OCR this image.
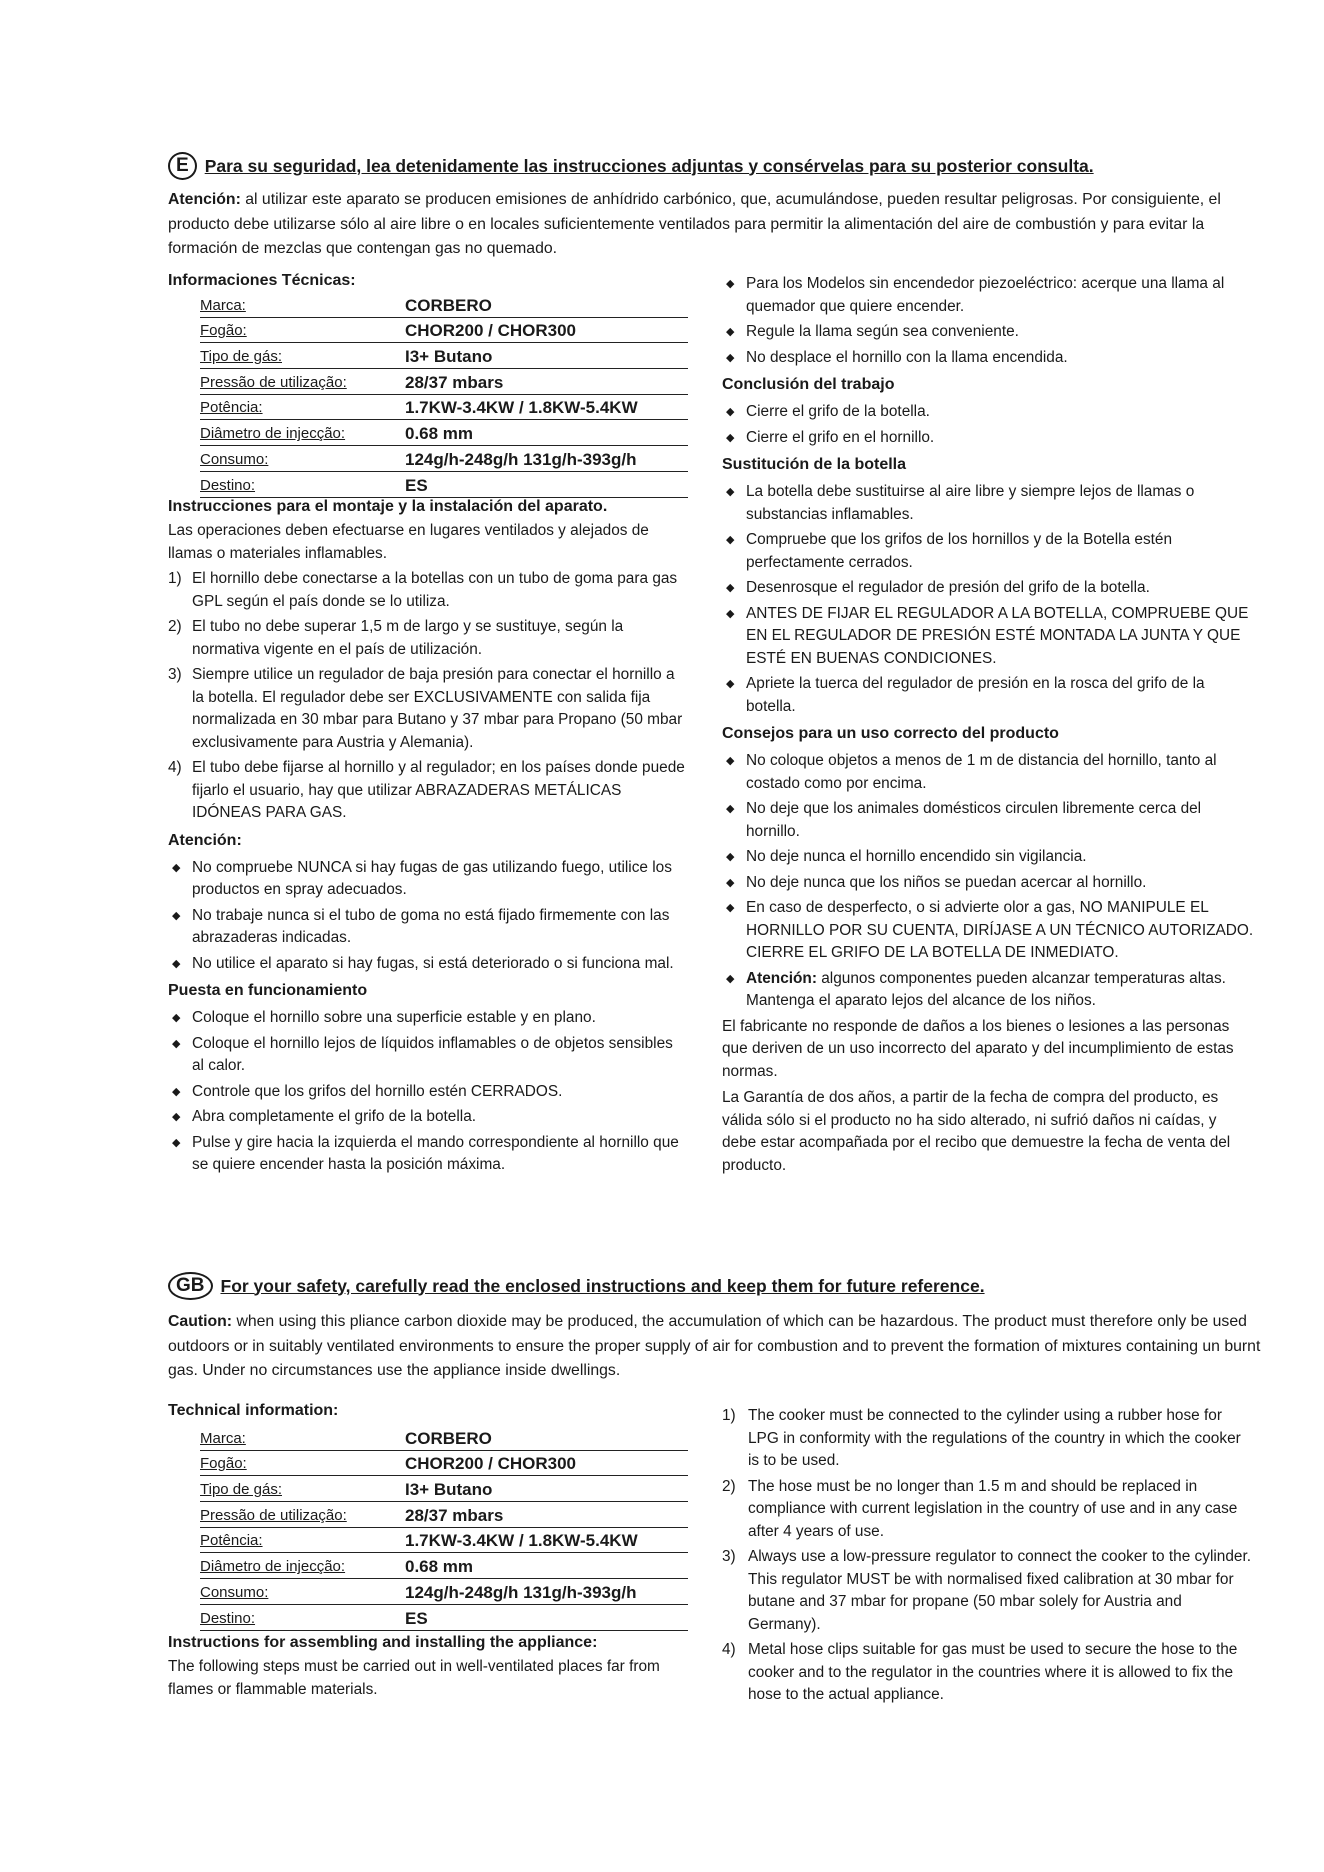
E Para su seguridad, lea detenidamente las instrucciones adjuntas y consérvelas para su posterior consulta.
Atención: al utilizar este aparato se producen emisiones de anhídrido carbónico, que, acumulándose, pueden resultar peligrosas. Por consiguiente, el producto debe utilizarse sólo al aire libre o en locales suficientemente ventilados para permitir la alimentación del aire de combustión y para evitar la formación de mezclas que contengan gas no quemado.
Informaciones Técnicas:
Marca:	CORBERO
Fogão:	CHOR200 / CHOR300
Tipo de gás:	I3+ Butano
Pressão de utilização:	28/37 mbars
Potência:	1.7KW-3.4KW / 1.8KW-5.4KW
Diâmetro de injecção:	0.68 mm
Consumo:	124g/h-248g/h 131g/h-393g/h
Destino:	ES
Instrucciones para el montaje y la instalación del aparato.

Las operaciones deben efectuarse en lugares ventilados y alejados de llamas o materiales inflamables.

1) El hornillo debe conectarse a la botellas con un tubo de goma para gas GPL según el país donde se lo utiliza.
2) El tubo no debe superar 1,5 m de largo y se sustituye, según la normativa vigente en el país de utilización.
3) Siempre utilice un regulador de baja presión para conectar el hornillo a la botella. El regulador debe ser EXCLUSIVAMENTE con salida fija normalizada en 30 mbar para Butano y 37 mbar para Propano (50 mbar exclusivamente para Austria y Alemania).
4) El tubo debe fijarse al hornillo y al regulador; en los países donde puede fijarlo el usuario, hay que utilizar ABRAZADERAS METÁLICAS IDÓNEAS PARA GAS.
Atención:
◆ No compruebe NUNCA si hay fugas de gas utilizando fuego, utilice los productos en spray adecuados.
◆ No trabaje nunca si el tubo de goma no está fijado firmemente con las abrazaderas indicadas.
◆ No utilice el aparato si hay fugas, si está deteriorado o si funciona mal.
Puesta en funcionamiento
◆ Coloque el hornillo sobre una superficie estable y en plano.
◆ Coloque el hornillo lejos de líquidos inflamables o de objetos sensibles al calor.
◆ Controle que los grifos del hornillo estén CERRADOS.
◆ Abra completamente el grifo de la botella.
◆ Pulse y gire hacia la izquierda el mando correspondiente al hornillo que se quiere encender hasta la posición máxima.
◆ Para los Modelos sin encendedor piezoeléctrico: acerque una llama al quemador que quiere encender.
◆ Regule la llama según sea conveniente.
◆ No desplace el hornillo con la llama encendida.
Conclusión del trabajo
◆ Cierre el grifo de la botella.
◆ Cierre el grifo en el hornillo.
Sustitución de la botella
◆ La botella debe sustituirse al aire libre y siempre lejos de llamas o substancias inflamables.
◆ Compruebe que los grifos de los hornillos y de la Botella estén perfectamente cerrados.
◆ Desenrosque el regulador de presión del grifo de la botella.
◆ ANTES DE FIJAR EL REGULADOR A LA BOTELLA, COMPRUEBE QUE EN EL REGULADOR DE PRESIÓN ESTÉ MONTADA LA JUNTA Y QUE ESTÉ EN BUENAS CONDICIONES.
◆ Apriete la tuerca del regulador de presión en la rosca del grifo de la botella.
Consejos para un uso correcto del producto
◆ No coloque objetos a menos de 1 m de distancia del hornillo, tanto al costado como por encima.
◆ No deje que los animales domésticos circulen libremente cerca del hornillo.
◆ No deje nunca el hornillo encendido sin vigilancia.
◆ No deje nunca que los niños se puedan acercar al hornillo.
◆ En caso de desperfecto, o si advierte olor a gas, NO MANIPULE EL HORNILLO POR SU CUENTA, DIRÍJASE A UN TÉCNICO AUTORIZADO. CIERRE EL GRIFO DE LA BOTELLA DE INMEDIATO.
◆ Atención: algunos componentes pueden alcanzar temperaturas altas. Mantenga el aparato lejos del alcance de los niños.

El fabricante no responde de daños a los bienes o lesiones a las personas que deriven de un uso incorrecto del aparato y del incumplimiento de estas normas.

La Garantía de dos años, a partir de la fecha de compra del producto, es válida sólo si el producto no ha sido alterado, ni sufrió daños ni caídas, y debe estar acompañada por el recibo que demuestre la fecha de venta del producto.

GB For your safety, carefully read the enclosed instructions and keep them for future reference.
Caution: when using this pliance carbon dioxide may be produced, the accumulation of which can be hazardous. The product must therefore only be used outdoors or in suitably ventilated environments to ensure the proper supply of air for combustion and to prevent the formation of mixtures containing un burnt gas. Under no circumstances use the appliance inside dwellings.
Technical information:
Marca:	CORBERO
Fogão:	CHOR200 / CHOR300
Tipo de gás:	I3+ Butano
Pressão de utilização:	28/37 mbars
Potência:	1.7KW-3.4KW / 1.8KW-5.4KW
Diâmetro de injecção:	0.68 mm
Consumo:	124g/h-248g/h 131g/h-393g/h
Destino:	ES
Instructions for assembling and installing the appliance:

The following steps must be carried out in well-ventilated places far from flames or flammable materials.

1) The cooker must be connected to the cylinder using a rubber hose for LPG in conformity with the regulations of the country in which the cooker is to be used.
2) The hose must be no longer than 1.5 m and should be replaced in compliance with current legislation in the country of use and in any case after 4 years of use.
3) Always use a low-pressure regulator to connect the cooker to the cylinder. This regulator MUST be with normalised fixed calibration at 30 mbar for butane and 37 mbar for propane (50 mbar solely for Austria and Germany).
4) Metal hose clips suitable for gas must be used to secure the hose to the cooker and to the regulator in the countries where it is allowed to fix the hose to the actual appliance.
